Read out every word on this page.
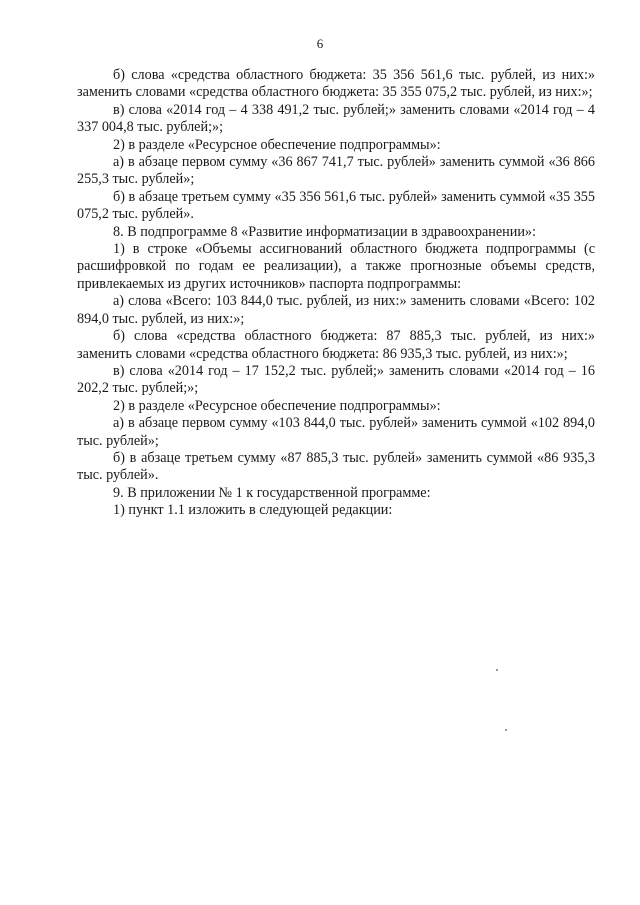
6

б) слова «средства областного бюджета: 35 356 561,6 тыс. рублей, из них:» заменить словами «средства областного бюджета: 35 355 075,2 тыс. рублей, из них:»;

в) слова «2014 год – 4 338 491,2 тыс. рублей;» заменить словами «2014 год – 4 337 004,8 тыс. рублей;»;

2) в разделе «Ресурсное обеспечение подпрограммы»:

а) в абзаце первом сумму «36 867 741,7 тыс. рублей» заменить суммой «36 866 255,3 тыс. рублей»;

б) в абзаце третьем сумму «35 356 561,6 тыс. рублей» заменить суммой «35 355 075,2 тыс. рублей».

8. В подпрограмме 8 «Развитие информатизации в здравоохранении»:

1) в строке «Объемы ассигнований областного бюджета подпрограммы (с расшифровкой по годам ее реализации), а также прогнозные объемы средств, привлекаемых из других источников» паспорта подпрограммы:

а) слова «Всего: 103 844,0 тыс. рублей, из них:» заменить словами «Всего: 102 894,0 тыс. рублей, из них:»;

б) слова «средства областного бюджета: 87 885,3 тыс. рублей, из них:» заменить словами «средства областного бюджета: 86 935,3 тыс. рублей, из них:»;

в) слова «2014 год – 17 152,2 тыс. рублей;» заменить словами «2014 год – 16 202,2 тыс. рублей;»;

2) в разделе «Ресурсное обеспечение подпрограммы»:

а) в абзаце первом сумму «103 844,0 тыс. рублей» заменить суммой «102 894,0 тыс. рублей»;

б) в абзаце третьем сумму «87 885,3 тыс. рублей» заменить суммой «86 935,3 тыс. рублей».

9. В приложении № 1 к государственной программе:

1) пункт 1.1 изложить в следующей редакции:
